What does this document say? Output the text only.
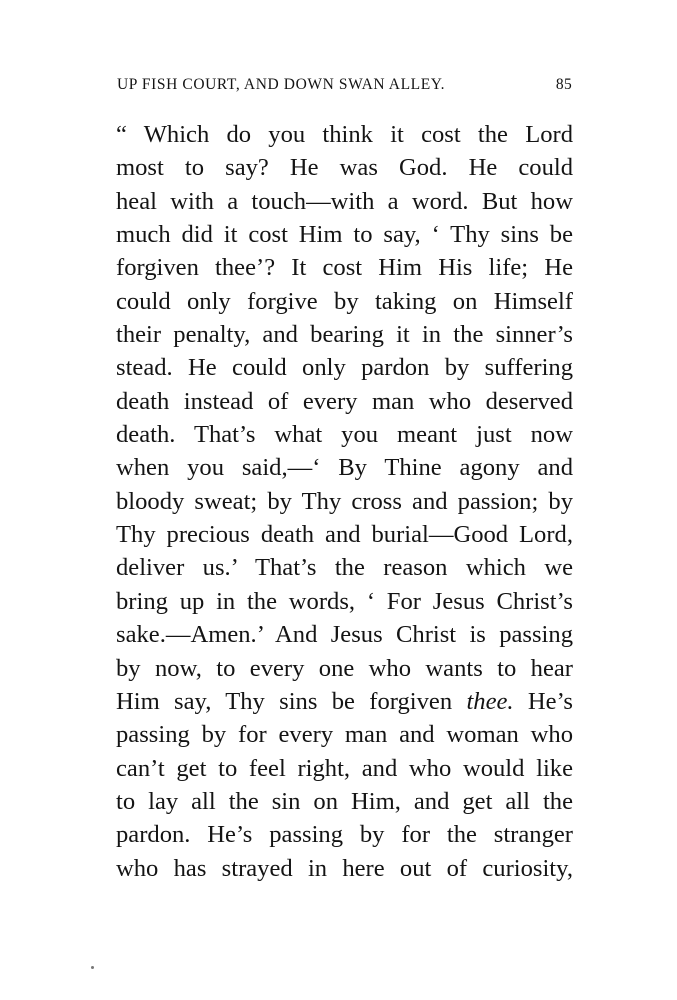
UP FISH COURT, AND DOWN SWAN ALLEY.	85
“ Which do you think it cost the Lord
most to say? He was God. He could
heal with a touch—with a word. But how
much did it cost Him to say, ‘ Thy sins be
forgiven thee’? It cost Him His life; He
could only forgive by taking on Himself
their penalty, and bearing it in the sinner’s
stead. He could only pardon by suffering
death instead of every man who deserved
death. That’s what you meant just now
when you said,—‘ By Thine agony and
bloody sweat; by Thy cross and passion; by
Thy precious death and burial—Good Lord,
deliver us.’ That’s the reason which we
bring up in the words, ‘ For Jesus Christ’s
sake.—Amen.’ And Jesus Christ is passing
by now, to every one who wants to hear
Him say, Thy sins be forgiven thee. He’s
passing by for every man and woman who
can’t get to feel right, and who would like
to lay all the sin on Him, and get all the
pardon. He’s passing by for the stranger
who has strayed in here out of curiosity,
